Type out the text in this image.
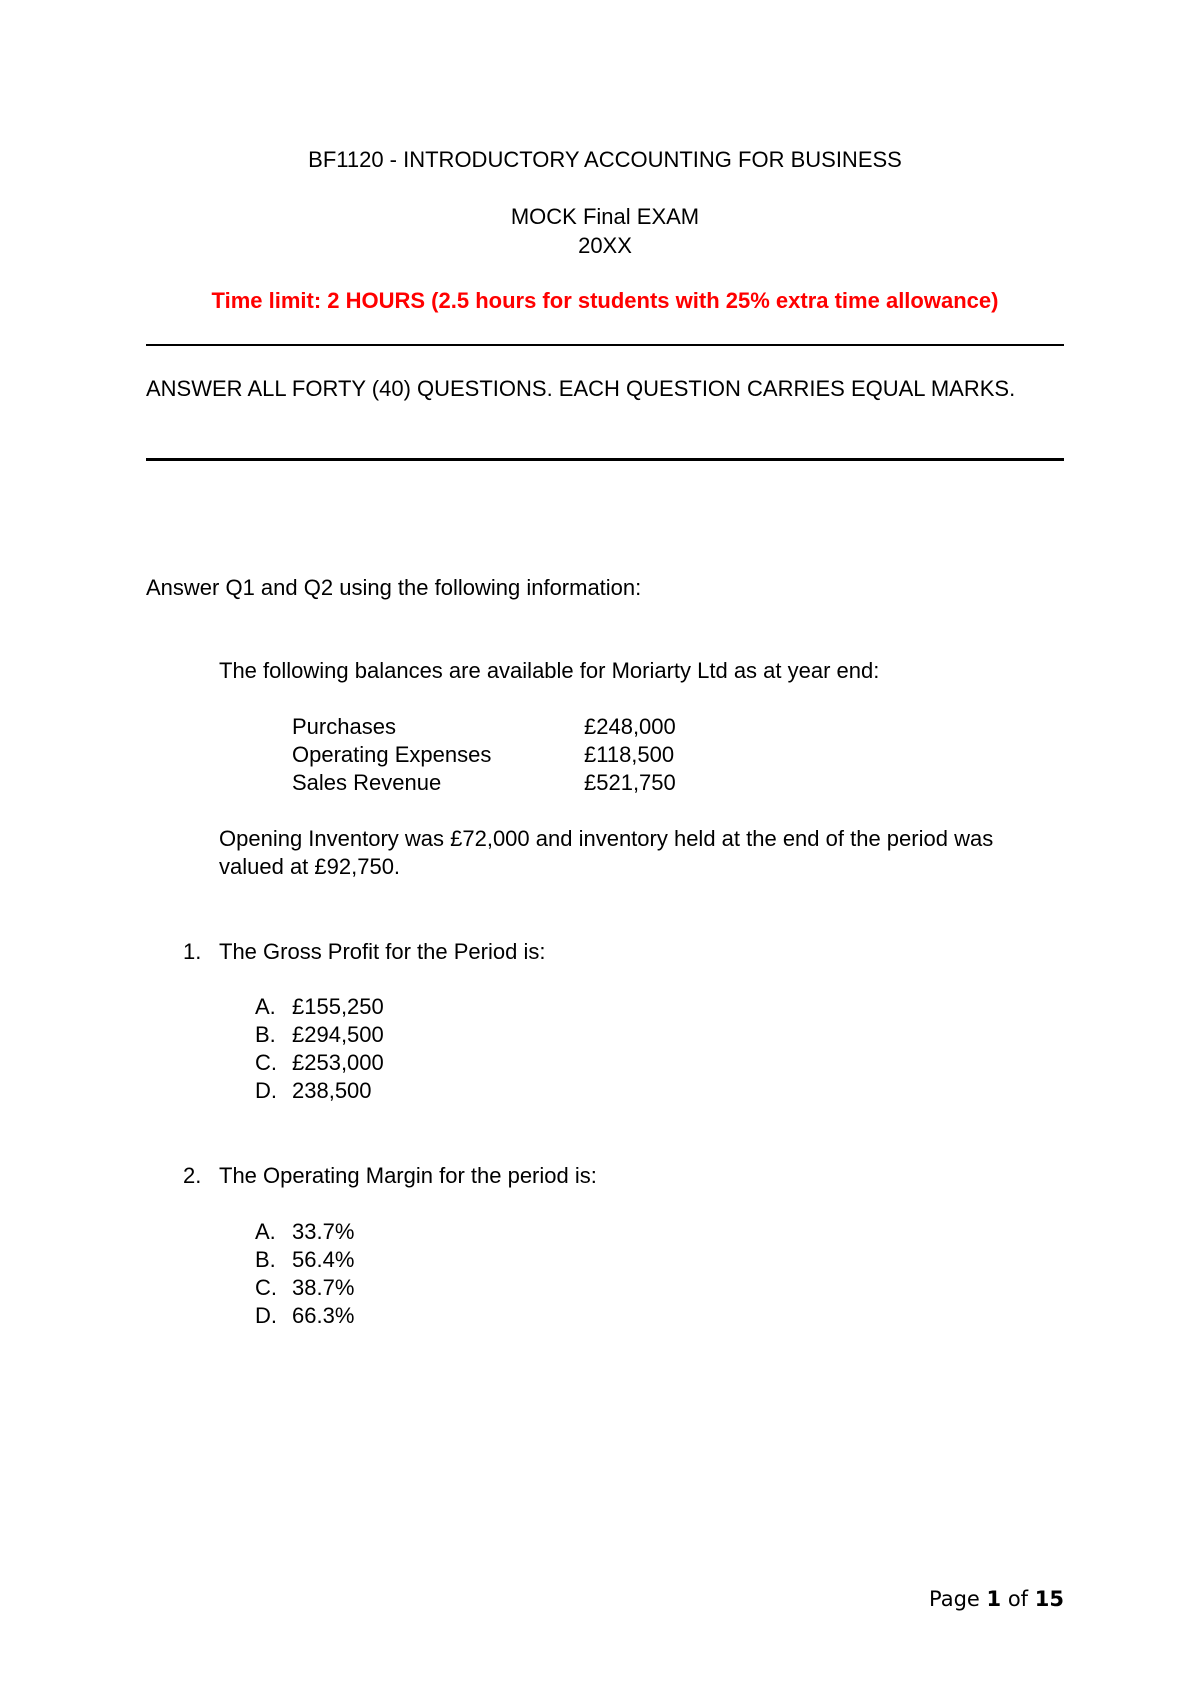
BF1120 - INTRODUCTORY ACCOUNTING FOR BUSINESS
MOCK Final EXAM
20XX
Time limit: 2 HOURS (2.5 hours for students with 25% extra time allowance)
ANSWER ALL FORTY (40) QUESTIONS. EACH QUESTION CARRIES EQUAL MARKS.
Answer Q1 and Q2 using the following information:
The following balances are available for Moriarty Ltd as at year end:
Purchases	£248,000
Operating Expenses	£118,500
Sales Revenue	£521,750
Opening Inventory was £72,000 and inventory held at the end of the period was valued at £92,750.
1. The Gross Profit for the Period is:
A. £155,250
B. £294,500
C. £253,000
D. 238,500
2. The Operating Margin for the period is:
A. 33.7%
B. 56.4%
C. 38.7%
D. 66.3%
Page 1 of 15
